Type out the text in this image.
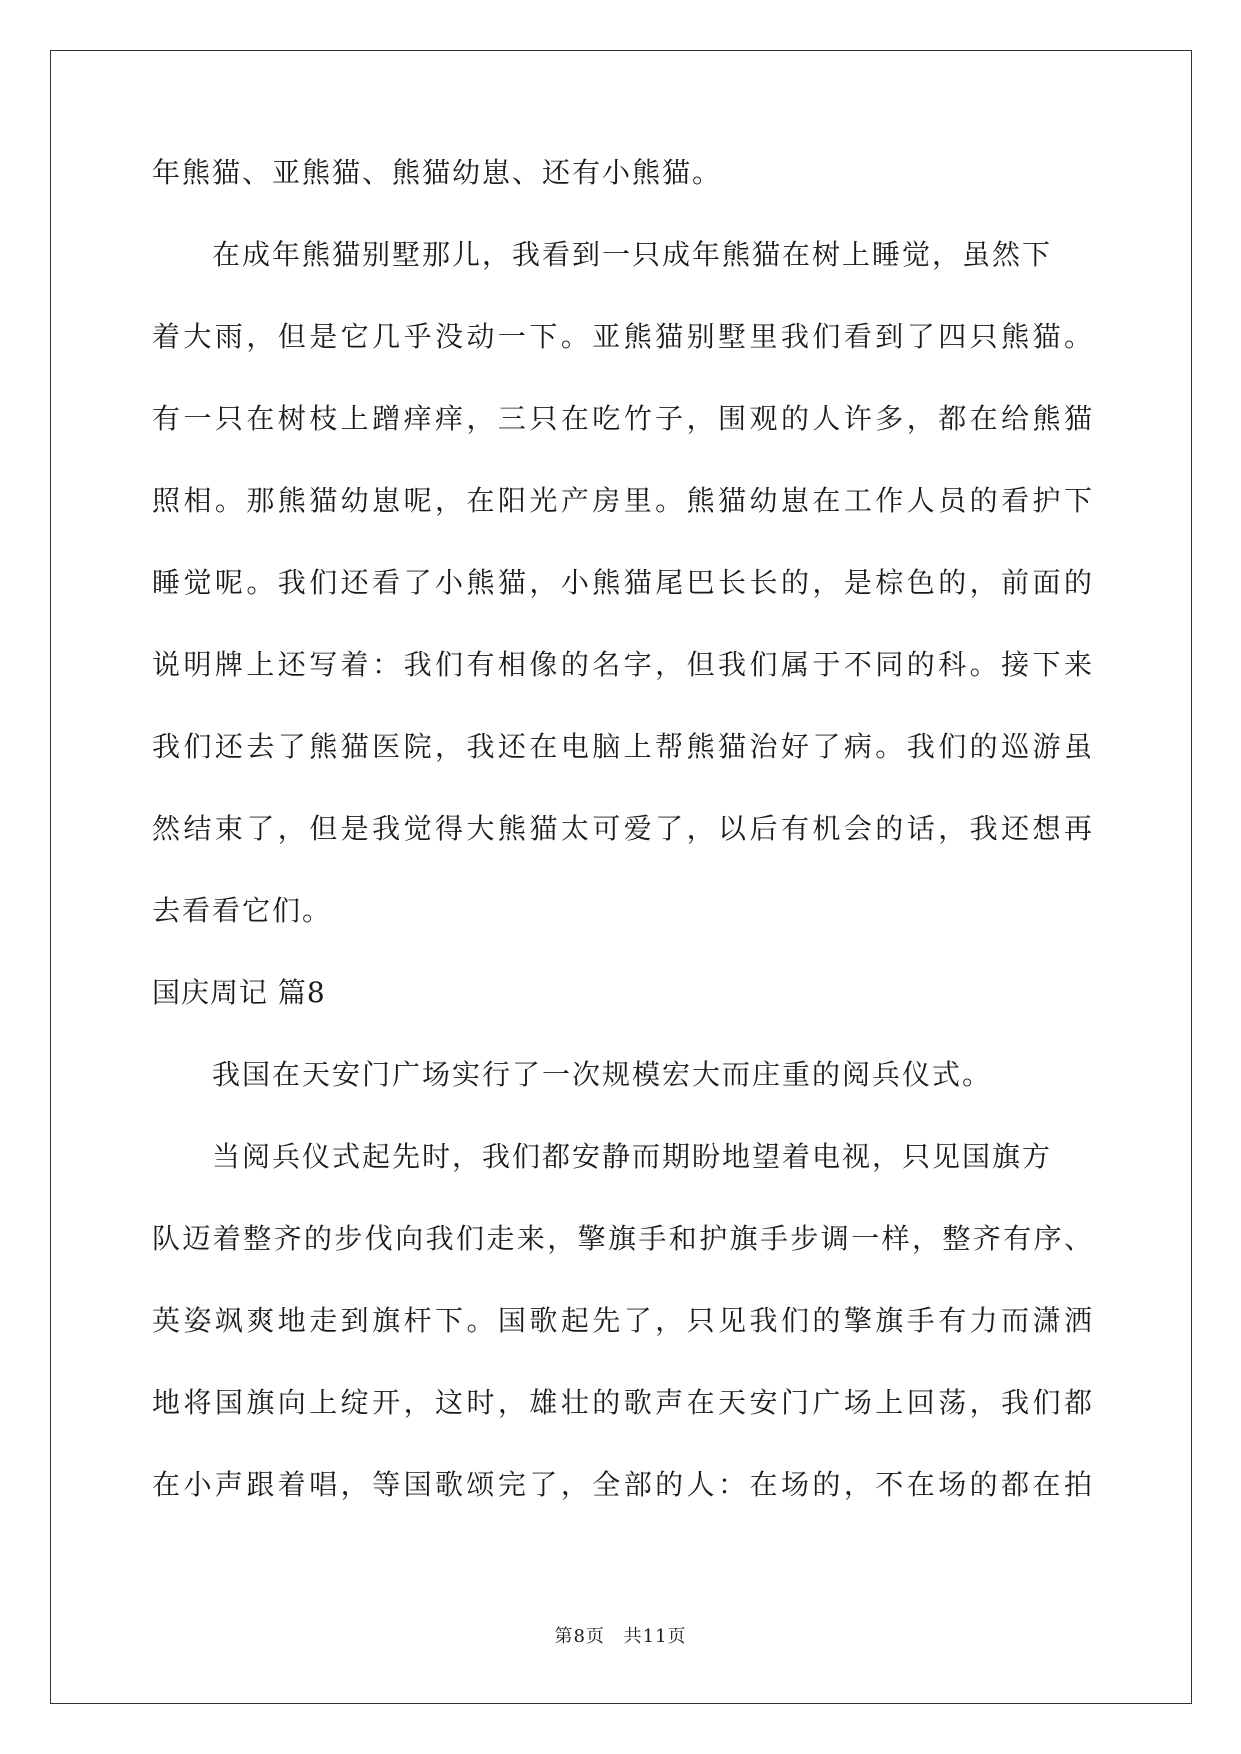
年熊猫、亚熊猫、熊猫幼崽、还有小熊猫。
在成年熊猫别墅那儿，我看到一只成年熊猫在树上睡觉，虽然下
着大雨，但是它几乎没动一下。亚熊猫别墅里我们看到了四只熊猫。
有一只在树枝上蹭痒痒，三只在吃竹子，围观的人许多，都在给熊猫
照相。那熊猫幼崽呢，在阳光产房里。熊猫幼崽在工作人员的看护下
睡觉呢。我们还看了小熊猫，小熊猫尾巴长长的，是棕色的，前面的
说明牌上还写着：我们有相像的名字，但我们属于不同的科。接下来
我们还去了熊猫医院，我还在电脑上帮熊猫治好了病。我们的巡游虽
然结束了，但是我觉得大熊猫太可爱了，以后有机会的话，我还想再
去看看它们。
国庆周记 篇8
我国在天安门广场实行了一次规模宏大而庄重的阅兵仪式。
当阅兵仪式起先时，我们都安静而期盼地望着电视，只见国旗方
队迈着整齐的步伐向我们走来，擎旗手和护旗手步调一样，整齐有序、
英姿飒爽地走到旗杆下。国歌起先了，只见我们的擎旗手有力而潇洒
地将国旗向上绽开，这时，雄壮的歌声在天安门广场上回荡，我们都
在小声跟着唱，等国歌颂完了，全部的人：在场的，不在场的都在拍
第8页 共11页
